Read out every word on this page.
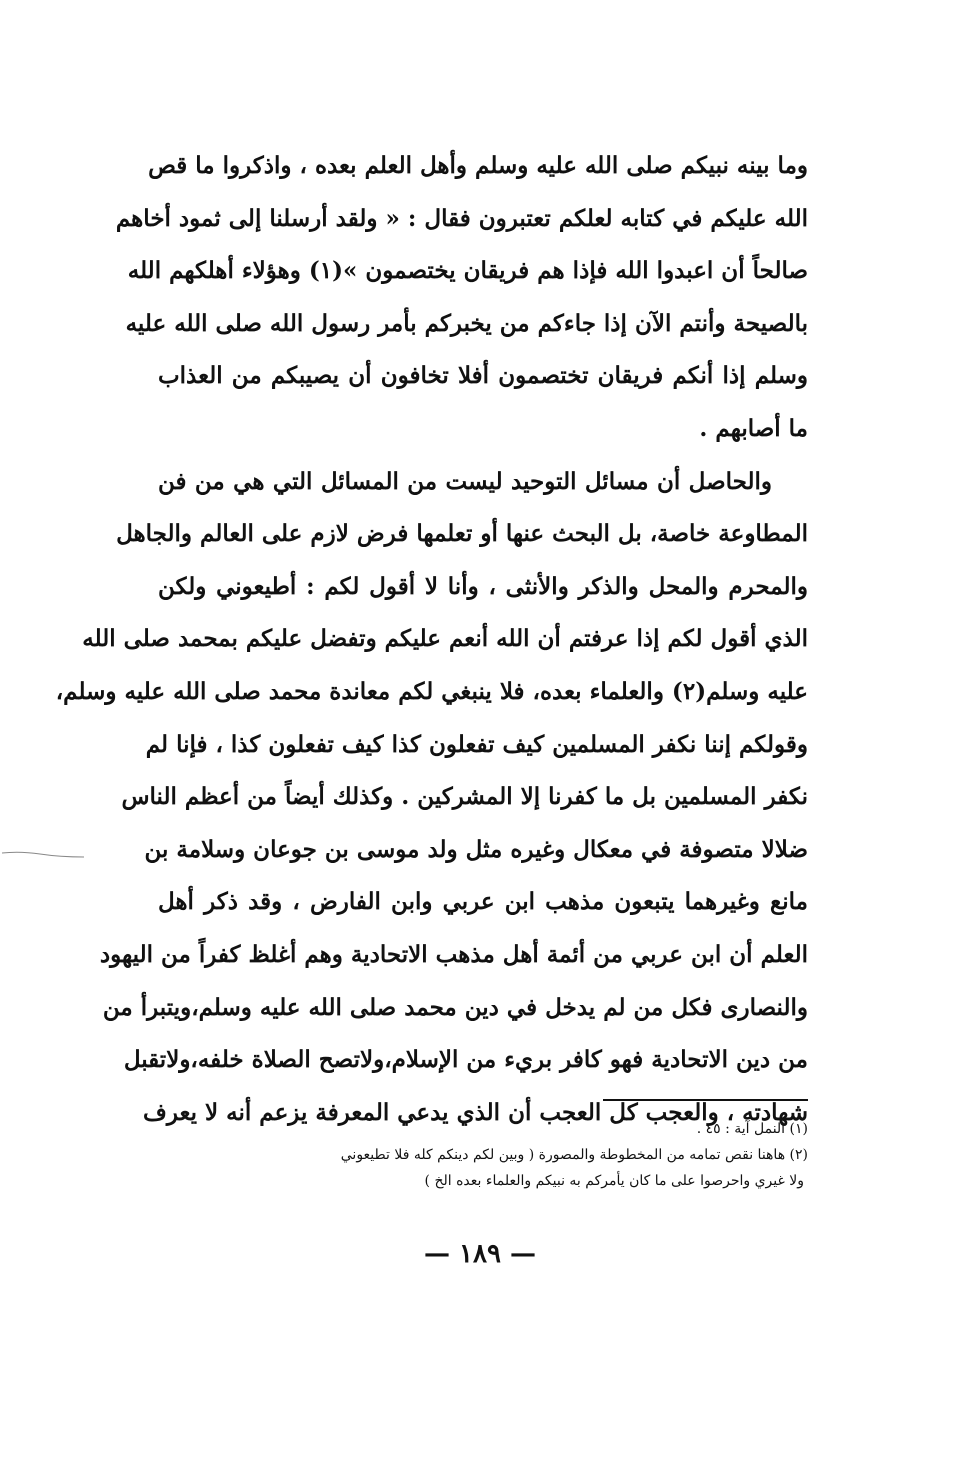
وما بينه نبيكم صلى الله عليه وسلم وأهل العلم بعده ، واذكروا ما قص
الله عليكم في كتابه لعلكم تعتبرون فقال : « ولقد أرسلنا إلى ثمود أخاهم
صالحاً أن اعبدوا الله فإذا هم فريقان يختصمون »(١) وهؤلاء أهلكهم الله
بالصيحة وأنتم الآن إذا جاءكم من يخبركم بأمر رسول الله صلى الله عليه
وسلم إذا أنكم فريقان تختصمون أفلا تخافون أن يصيبكم من العذاب
ما أصابهم .
والحاصل أن مسائل التوحيد ليست من المسائل التي هي من فن
المطاوعة خاصة، بل البحث عنها أو تعلمها فرض لازم على العالم والجاهل
والمحرم والمحل والذكر والأنثى ، وأنا لا أقول لكم : أطيعوني ولكن
الذي أقول لكم إذا عرفتم أن الله أنعم عليكم وتفضل عليكم بمحمد صلى الله
عليه وسلم(٢) والعلماء بعده، فلا ينبغي لكم معاندة محمد صلى الله عليه وسلم،
وقولكم إننا نكفر المسلمين كيف تفعلون كذا كيف تفعلون كذا ، فإنا لم
نكفر المسلمين بل ما كفرنا إلا المشركين . وكذلك أيضاً من أعظم الناس
ضلالا متصوفة في معكال وغيره مثل ولد موسى بن جوعان وسلامة بن
مانع وغيرهما يتبعون مذهب ابن عربي وابن الفارض ، وقد ذكر أهل
العلم أن ابن عربي من أئمة أهل مذهب الاتحادية وهم أغلظ كفراً من اليهود
والنصارى فكل من لم يدخل في دين محمد صلى الله عليه وسلم،ويتبرأ من
من دين الاتحادية فهو كافر بريء من الإسلام،ولاتصح الصلاة خلفه،ولاتقبل
شهادته ، والعجب كل العجب أن الذي يدعي المعرفة يزعم أنه لا يعرف
(١) النمل آية : ٤٥ .
(٢) هاهنا نقص تمامه من المخطوطة والمصورة ( وبين لكم دينكم كله فلا تطيعوني
ولا غيري واحرصوا على ما كان يأمركم به نبيكم والعلماء بعده الخ )
— ١٨٩ —
